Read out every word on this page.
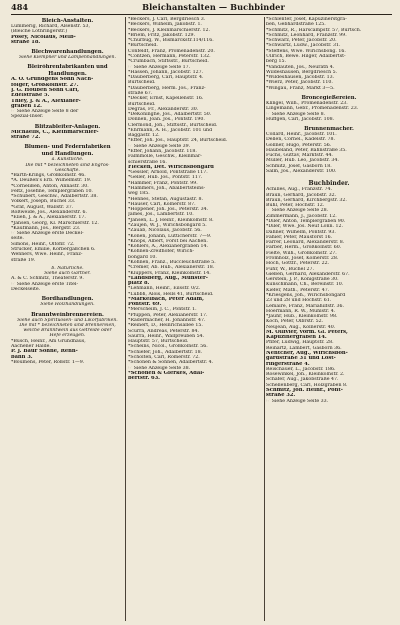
484	Bleichanstalten — Buchbinder
Bleich-Anstalten.
Lummerig, Richard, Alsenstr. 53,
(Bleiche Lothringerstr.)
Posey, Nicolaus, Melb-
straße 18.
Blechwarenhandlungen.
Siehe Klempner und Lampenhandlungen.
Bleiröhrenfabrikanten und
Handlungen.
A. O. Gründgens Sohn Nach-
folger, Großkölnstr. 27.
J. G. Houben Sohn Carl,
Edelstraße 5.
Thiey, J. & A., Alexianer-
graben 12.
☞ Siehe Anzeige Seite 8 der
Spezial-Inser.
Blitzableiter-Anlagen.
Michaelis, C., Kleinmarschier-
straße 72.
Blumen- und Federnfabriken
und Handlungen.
a. Künstliche.
Die mit * bezeichneten sind Engros-
Geschäfte.
*Barth-Krings, Großkölnstr. 46.
*A. Deußen's Erb. Wilhelmstr. 19.
*Cornelißen, Anton, Annastr. 30.
Feltz, Josefine, Templergraben 10.
*Schubert, Geschw., Adalbertstr. 38.
Volkert, Joseph, Büchel 33.
*Graf, August, Wallstr. 37.
Roßweide, Jos., Alexanderstr. 6.
*Elieh, J. & A., Alexianerstr. 17.
*Jansen, Georg, Kl. Marschierstr. 12.
*Kaufmann, Jos., Bergstr. 23.
☞ Siehe Anzeige erste Deckel-
seite.
Simons, Heinr., Oltofir. 72.
Strücker, Emilie, Körbergäßchen 6.
Wenners, Wwe. Heinr., Franz-
straße 19.
b. Natürliche.
Siehe auch Gärtner.
A. & C. Schmitz, Theaterstr. 9.
☞ Siehe Anzeige erste Titel-
Deckelseite.
Bordhandlungen.
Siehe Holzhandlungen.
Branntweinbrennereien.
Siehe auch Spirituosen- und Likörfabriken.
Die mit * bezeichneten sind Brennereien,
welche Branntwein aus Getreide oder
Hefe erzeugen.
*Busch, Heinr., Am Grundhaus,
Aachener Halde.
P. J. Baur Söhne, Renn-
bahn 3.
*Boumens, Peter, Roßstr. 1—9.
*Beckers, J. Carl, Bergdriesch 3.
*Beckers, Wilhelm, Jakobstr. 1.
*Beckers, J. Kleinmarschierstr. 12.
*Briem, Fritz, Jakobstr. 129.
*Churbug, W., Bismarckstr.114/116.
*Burtscheid.
Confeldt, Franz, Promenadenstr. 20.
*Contzen, Hermann, Peterstr. 132.
*Crumbach, Stiftsstr., Burtscheid.
☞ Siehe Anzeige Seite 17.
*Hassen, Johann, Jacobstr. 127.
*Dauberberg, Carl, Hauptstr. 4.
Burtscheid.
*Dauberberg, Herm. Jos., Franz-
straße 67.
*Decker, Ernst, Kapellenstr. 16.
Burtscheid.
Degras, Fr., Alexanderstr. 30.
*DeKoninghe, Jos., Adalbertstr. 50.
Donnen, Joan. Jos., Pontstr. 190.
Clermond, Joh., Stiftsstr., Burtscheid.
*Ehrmann, A. H., Jacobstr. 101 und
Baggastr. 12.
*Effer, Joh. Jos., Hauptstr. 24, Burtscheid.
☞ Siehe Anzeige Seite 39.
*Effer, Johann, Jacobstr. 118.
Falmmolle, Geschw., Kleinmar-
schierstraße 16.
Flecken, Det. Wirichsbongard
*Gessler, Arnold, Pontstraße 117.
*Geller, Hub. Jos., Pontstr. 117.
*Hammer, Franz, Pontstr. 99.
*Hammers, Joh., Abalbertsteins-
weg 185.
*Hennes, Stefan, Augustastr. 8.
*Hauser, Carl, Kölnerstr. 87.
*Höppener, Joh. Jos., Peterstr. 34.
James, Jos., Lambertstr. 10.
*Jansen, L. J. Heinr., Kleinkölnstr. 8.
*Zaujen, W. J., Wirichsbongard 5.
*Zauab, Nicolaus, Jacobstr. 56.
*Konen, Johann, Lütticherstr. 7—9.
*Knops, Albert, Forst bei Aachen.
*Kohlers, A., Alexianergraben 14.
*Kohnen-Zreifhofer, Wirich-
bongard 10.
*Kohnen, Franz., Buccleuchstraße 5.
*Cremer, Ab. Hub., Alexianerstr. 18.
*Klüppers, Franz, Kleinkölnstr. 14.
*Landsberg, Aug., Münster-
platz 8.
*Lehmann, Heinr., Eilsstr. 0/2.
*Lübbh, Alois, Hells 41, Burtscheid.
*Markelbach, Peter Adam,
Pontstr. 69.
*Merscheim, J. C., Pontstr. 1.
*Pfüppen, Peter, Alexianerstr. 17.
*Radermacher, H. Johannstr. 47.
*Reinert, D., Heinrichsallee 15.
Scurra, Andreas, Peterstr. 84.
Saurra, Heinr., Wallpreuben 54.
Hauptstr. 57, Burtscheid.
*Scheins, Nicol., Großkölnstr. 56.
*Schiefer, Joh., Adalbertstr. 18.
*Scholten, Carl, Römerstr. 72.
*Schönen & Söhnen, Adalbertstr. 4.
☞ Siehe Anzeige Seite 38.
*Schönen & Gierkes, Adal-
bertstr. 63.
*Schlenter, Josef, Kapuzinerstgra-
ben, Gebhardstraße 125.
*Schmitz, R., Harscampstr. 57, Burtsch.
*Schmitz, Leonhard, Franzstr. 99.
*Schwarz, Peter, Jacobstr. 20.
*Schwartz, Ludw., Jacobstr. 31.
*Steffens, Wwe. Wirichsbong. 16.
Ullrich, Bewe. Hilger, Adalbertst-
berg 15.
*Vandauten, Jos., Neurath 4.
Wildeshausen, Bergdriesch 5.
*Wildeshausen, Jacobstr. 13.
*Wierz, Peter, Jacobstr. 110.
*Wingau, Franz, Markt 3—5.
Broncegießereien.
Klingel, Wilh., Promenadenstr. 23.
Lingemann, Gebr., Promenadenstr. 23.
☞ Siehe Anzeige Seite 8.
Hüffgen, Carl, Jacobstr. 108.
Brunnenmacher.
Collard, Heinr., Jacobstr. 101.
Dellen, Cornel., Kadelstr. 78.
Göllner, Hugo, Peterstr. 56.
Haubeland, Peter, Bahnstraße 35.
Fuchs, Guttav, Marktstr. 44.
Müller, Hub. Leo, Jacobstr. 34.
Schmitz, Josef, Gasborn 18.
Salm, Jos., Alexanderstr. 100.
Buchbinder.
Achilles, Aug., Franzstr. 74.
Braun, Gerhard, Jacobstr. 32.
Braun, Gerhard, Kirchbergstr. 32.
Buhl, Peter, Hochstr. 12.
☞ Siehe Anzeige Seite 28.
Zimmermann, J., Jacobstr. 12.
*Diler, Anton, Templergraben 90.
*Diler, Wwe. Jos. Neuf Lönn. 12.
Dahner, Wilhelm, Pontstr. 93.
Fahier, Peter, Mausforst 16.
Farrer, Leonard, Alexanderstr. 8.
Färber, Herm., Großkölnstr. 60.
Fielte, Wilh., Großkölnstr. 27.
Fromholz, Josef, Kölnerstr. 28.
Hoch, Gottfr., Peterstr. 22.
Fuhr, W., Büchel 27.
Gießen, Gerhard, Alexanderstr. 67.
Gerstein, J. P., Königstraße 30.
Kunschmann, Ch., Bereinstr. 10.
Kiefer, Math., Peterstr. 47.
*Kriesgens, Joh., Wirichsbongard
23 und 28 und Hochstr. 61.
Lemaire, Franz, Mariahilfstr. 36.
Hoermann, R. W., Mühlstr. 4.
*Jauhr, Hub., Kleinkölnstr. 98.
Koch, Peter, Olbrstr. 52.
Neujean, Aug., Kölnerstr. 40.
M. Ollivier, vorm. Gl. Peters,
Kapuzinergraben 14.
Pfifer, Ludwig, Hauptstr. 28.
Reinartz, Lambert, Gasborn 36.
Nentcher, Aug., Wirichsbon-
gardstraße 31 und Löst-
ringerstraße 4.
Reischauer, L., Jacobstr. 186.
Rosewinkel, Joh., Kleinkölnstr. 2.
Schäfer, Aug., Jakobstraße 47.
Schellenberg, Carl, Holzgraben 8.
Schmitz, Joh. Heinr., Pont-
straße 32.
☞ Siehe Anzeige Seite 33.
